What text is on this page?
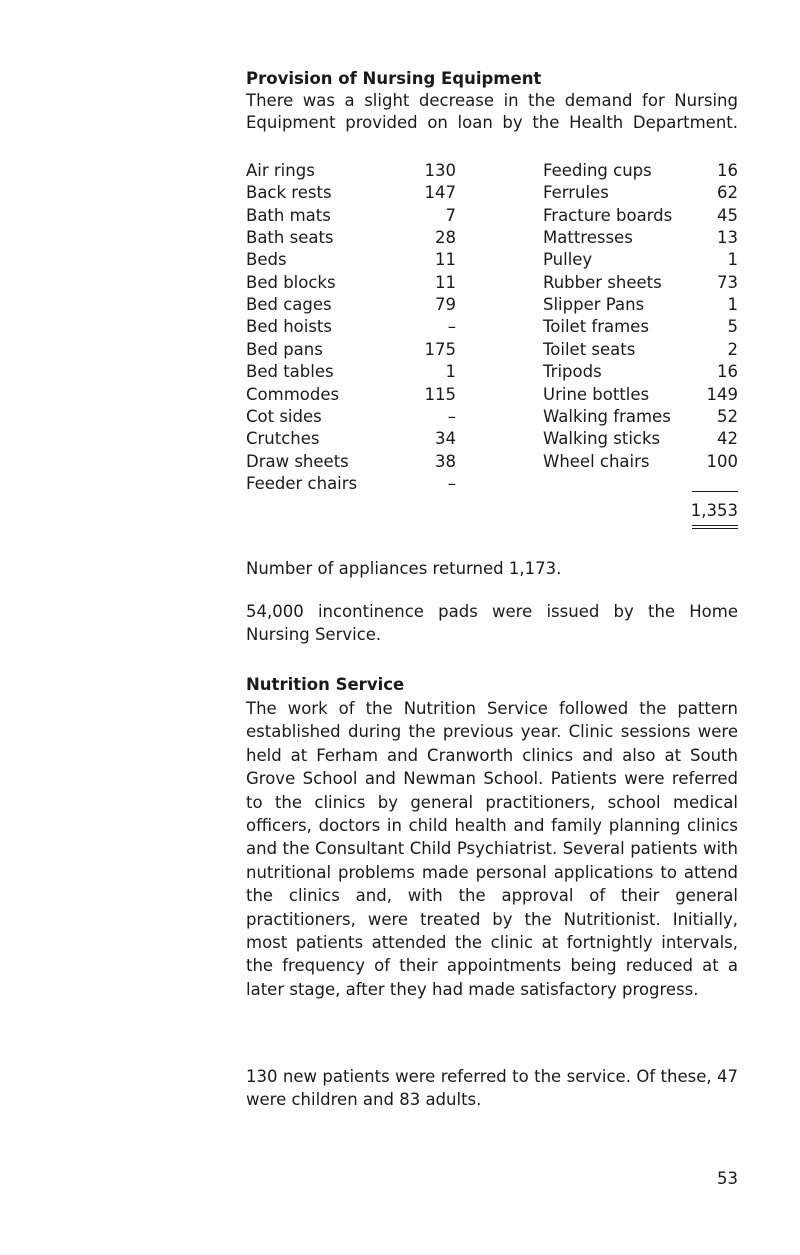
Provision of Nursing Equipment
There was a slight decrease in the demand for Nursing
Equipment provided on loan by the Health Department.
Air rings	130	Feeding cups	16
Back rests	147	Ferrules	62
Bath mats	7	Fracture boards	45
Bath seats	28	Mattresses	13
Beds	11	Pulley	1
Bed blocks	11	Rubber sheets	73
Bed cages	79	Slipper Pans	1
Bed hoists	–	Toilet frames	5
Bed pans	175	Toilet seats	2
Bed tables	1	Tripods	16
Commodes	115	Urine bottles	149
Cot sides	–	Walking frames	52
Crutches	34	Walking sticks	42
Draw sheets	38	Wheel chairs	100
Feeder chairs	–
1,353
Number of appliances returned 1,173.
54,000 incontinence pads were issued by the Home Nursing Service.
Nutrition Service
The work of the Nutrition Service followed the pattern established during the previous year. Clinic sessions were held at Ferham and Cranworth clinics and also at South Grove School and Newman School. Patients were referred to the clinics by general practitioners, school medical officers, doctors in child health and family planning clinics and the Consultant Child Psychiatrist. Several patients with nutritional problems made personal applications to attend the clinics and, with the approval of their general practitioners, were treated by the Nutritionist. Initially, most patients attended the clinic at fortnightly intervals, the frequency of their appointments being reduced at a later stage, after they had made satisfactory progress.
130 new patients were referred to the service. Of these, 47 were children and 83 adults.
53
